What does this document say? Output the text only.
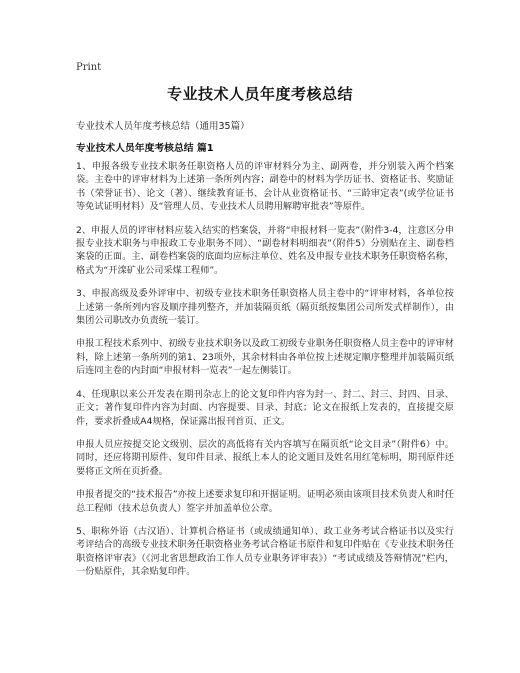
Print
专业技术人员年度考核总结
专业技术人员年度考核总结（通用35篇）
专业技术人员年度考核总结 篇1

1、申报各级专业技术职务任职资格人员的评审材料分为主、副两卷，并分别装入两个档案袋。主卷中的评审材料为上述第一条所列内容；副卷中的材料为学历证书、资格证书、奖励证书（荣誉证书）、论文（著）、继续教育证书、会计从业资格证书、“三龄审定表”(或学位证书等免试证明材料）及“管理人员、专业技术人员聘用解聘审批表”等原件。

2、申报人员的评审材料应装入结实的档案袋，并将“申报材料一览表”（附件3-4，注意区分申报专业技术职务与申报政工专业职务不同）、“副卷材料明细表”（附件5）分别贴在主、副卷档案袋的正面。主、副卷档案袋的底面均应标注单位、姓名及申报专业技术职务任职资格名称，格式为“开滦矿业公司采煤工程师”。

3、申报高级及委外评审中、初级专业技术职务任职资格人员主卷中的“评审材料，各单位按上述第一条所列内容及顺序排列整齐，并加装隔页纸（隔页纸按集团公司所发式样制作），由集团公司职改办负责统一装订。

申报工程技术系列中、初级专业技术职务以及政工初级专业职务任职资格人员主卷中的评审材料，除上述第一条所列的第1、23项外，其余材料由各单位按上述规定顺序整理并加装隔页纸后连同主卷的内封面“申报材料一览表”一起左侧装订。

4、任现职以来公开发表在期刊杂志上的论文复印件内容为封一、封二、封三、封四、目录、正文；著作复印件内容为封面、内容提要、目录、封底；论文在报纸上发表的，直接提交原件，要求折叠成A4规格，保证露出报刊首页、正文。

申报人员应按提交论文级别、层次的高低将有关内容填写在隔页纸“论文目录”（附件6）中。同时，还应将期刊原件、复印件目录、报纸上本人的论文题目及姓名用红笔标明，期刊原件还要将正文所在页折叠。

申报者提交的“技术报告”亦按上述要求复印和开据证明。证明必须由该项目技术负责人和时任总工程师（技术总负责人）签字并加盖单位公章。

5、职称外语（古汉语）、计算机合格证书（或成绩通知单）、政工业务考试合格证书以及实行考评结合的高级专业技术职务任职资格业务考试合格证书原件和复印件贴在《专业技术职务任职资格评审表》（《河北省思想政治工作人员专业职务评审表》）“考试成绩及答辩情况”栏内，一份贴原件，其余贴复印件。
